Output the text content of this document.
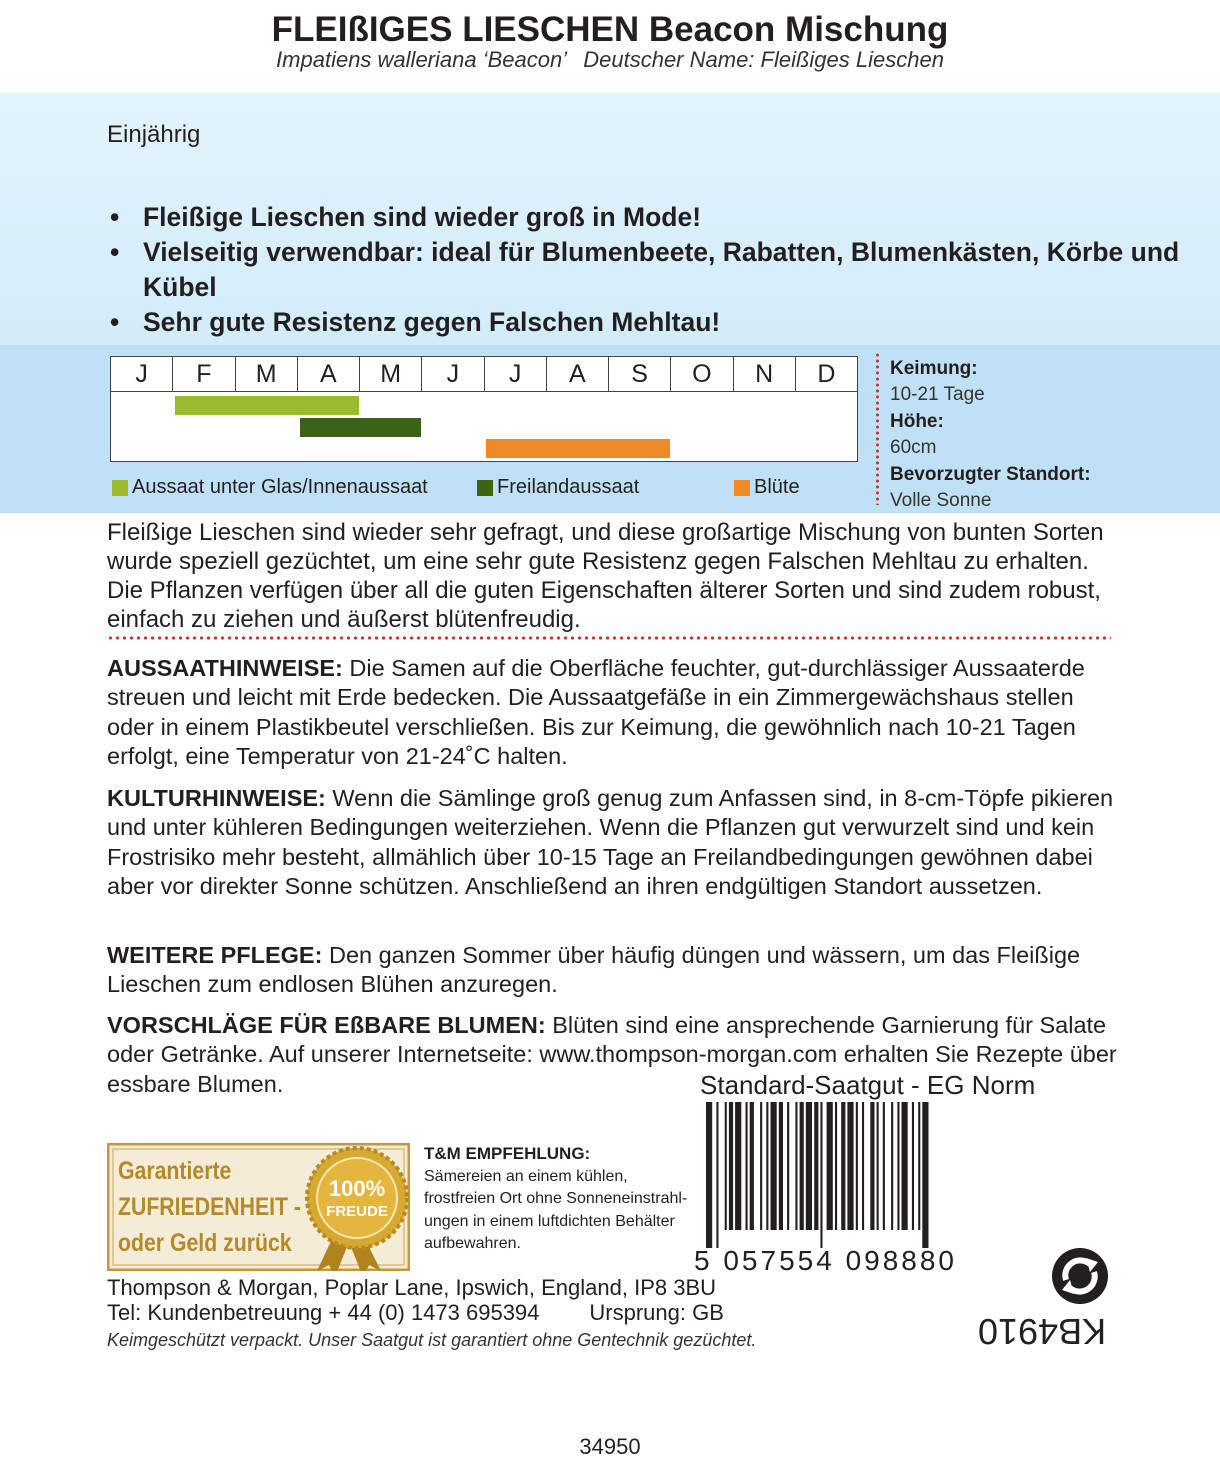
FLEIßIGES LIESCHEN Beacon Mischung
Impatiens walleriana ‘Beacon’ Deutscher Name: Fleißiges Lieschen
Einjährig
• Fleißige Lieschen sind wieder groß in Mode!
• Vielseitig verwendbar: ideal für Blumenbeete, Rabatten, Blumenkästen, Körbe und Kübel
• Sehr gute Resistenz gegen Falschen Mehltau!
J	F	M	A	M	J	J	A	S	O	N	D
Aussaat unter Glas/Innenaussaat	Freilandaussaat	Blüte
Keimung:
10-21 Tage
Höhe:
60cm
Bevorzugter Standort:
Volle Sonne
Fleißige Lieschen sind wieder sehr gefragt, und diese großartige Mischung von bunten Sorten wurde speziell gezüchtet, um eine sehr gute Resistenz gegen Falschen Mehltau zu erhalten. Die Pflanzen verfügen über all die guten Eigenschaften älterer Sorten und sind zudem robust, einfach zu ziehen und äußerst blütenfreudig.

AUSSAATHINWEISE: Die Samen auf die Oberfläche feuchter, gut-durchlässiger Aussaaterde streuen und leicht mit Erde bedecken. Die Aussaatgefäße in ein Zimmergewächshaus stellen oder in einem Plastikbeutel verschließen. Bis zur Keimung, die gewöhnlich nach 10-21 Tagen erfolgt, eine Temperatur von 21-24˚C halten.

KULTURHINWEISE: Wenn die Sämlinge groß genug zum Anfassen sind, in 8-cm-Töpfe pikieren und unter kühleren Bedingungen weiterziehen. Wenn die Pflanzen gut verwurzelt sind und kein Frostrisiko mehr besteht, allmählich über 10-15 Tage an Freilandbedingungen gewöhnen dabei aber vor direkter Sonne schützen. Anschließend an ihren endgültigen Standort aussetzen.

WEITERE PFLEGE: Den ganzen Sommer über häufig düngen und wässern, um das Fleißige Lieschen zum endlosen Blühen anzuregen.

VORSCHLÄGE FÜR EßBARE BLUMEN: Blüten sind eine ansprechende Garnierung für Salate oder Getränke. Auf unserer Internetseite: www.thompson-morgan.com erhalten Sie Rezepte über essbare Blumen.	Standard-Saatgut - EG Norm
5 057554 098880
100%
FREUDE
Garantierte
ZUFRIEDENHEIT -
oder Geld zurück
T&M EMPFEHLUNG:
Sämereien an einem kühlen, frostfreien Ort ohne Sonneneinstrahl-ungen in einem luftdichten Behälter aufbewahren.
KB4910
Thompson & Morgan, Poplar Lane, Ipswich, England, IP8 3BU
Tel: Kundenbetreuung + 44 (0) 1473 695394 Ursprung: GB
Keimgeschützt verpackt. Unser Saatgut ist garantiert ohne Gentechnik gezüchtet.
34950
